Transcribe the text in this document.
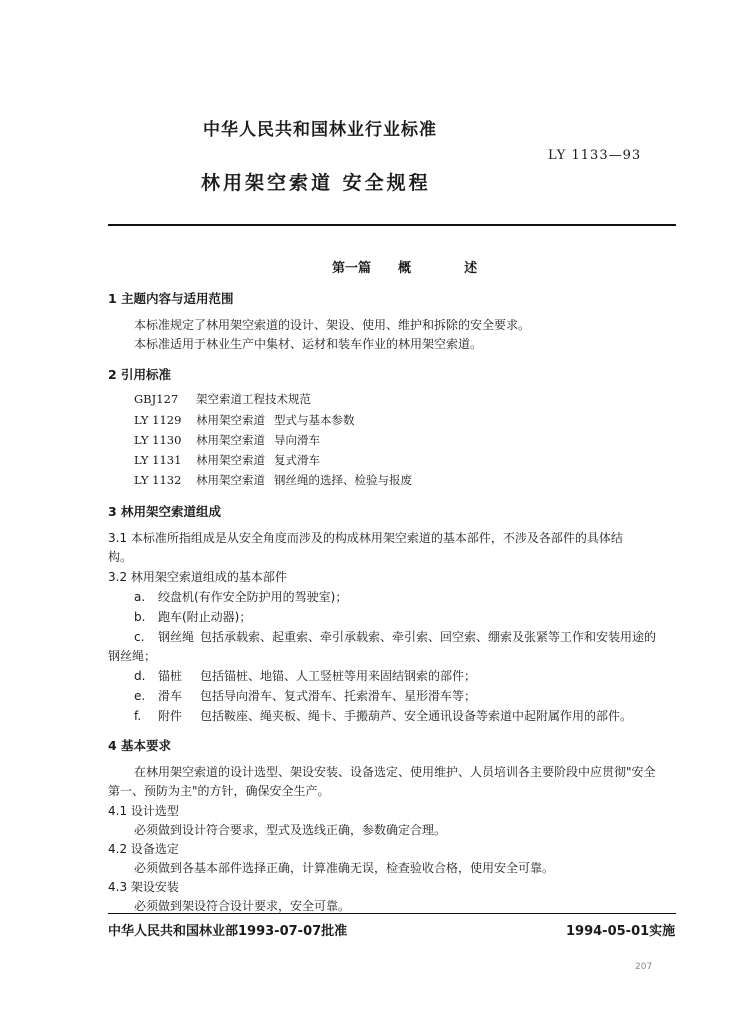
中华人民共和国林业行业标准
LY 1133—93
林用架空索道 安全规程
第一篇 概	述
1 主题内容与适用范围
本标准规定了林用架空索道的设计、架设、使用、维护和拆除的安全要求。
本标准适用于林业生产中集材、运材和装车作业的林用架空索道。
2 引用标准
GBJ127 架空索道工程技术规范
LY 1129 林用架空索道 型式与基本参数
LY 1130 林用架空索道 导向滑车
LY 1131 林用架空索道 复式滑车
LY 1132 林用架空索道 钢丝绳的选择、检验与报废
3 林用架空索道组成
3.1 本标准所指组成是从安全角度而涉及的构成林用架空索道的基本部件，不涉及各部件的具体结
构。
3.2 林用架空索道组成的基本部件
a. 绞盘机(有作安全防护用的驾驶室)；
b. 跑车(附止动器)；
c. 钢丝绳 包括承载索、起重索、牵引承载索、牵引索、回空索、绷索及张紧等工作和安装用途的
钢丝绳；
d. 锚桩 包括锚桩、地锚、人工竖桩等用来固结钢索的部件；
e. 滑车 包括导向滑车、复式滑车、托索滑车、星形滑车等；
f. 附件 包括鞍座、绳夹板、绳卡、手搬葫芦、安全通讯设备等索道中起附属作用的部件。
4 基本要求
在林用架空索道的设计选型、架设安装、设备选定、使用维护、人员培训各主要阶段中应贯彻"安全
第一、预防为主"的方针，确保安全生产。
4.1 设计选型
必须做到设计符合要求，型式及选线正确，参数确定合理。
4.2 设备选定
必须做到各基本部件选择正确，计算准确无误，检查验收合格，使用安全可靠。
4.3 架设安装
必须做到架设符合设计要求，安全可靠。
中华人民共和国林业部1993-07-07批准	1994-05-01实施
207
